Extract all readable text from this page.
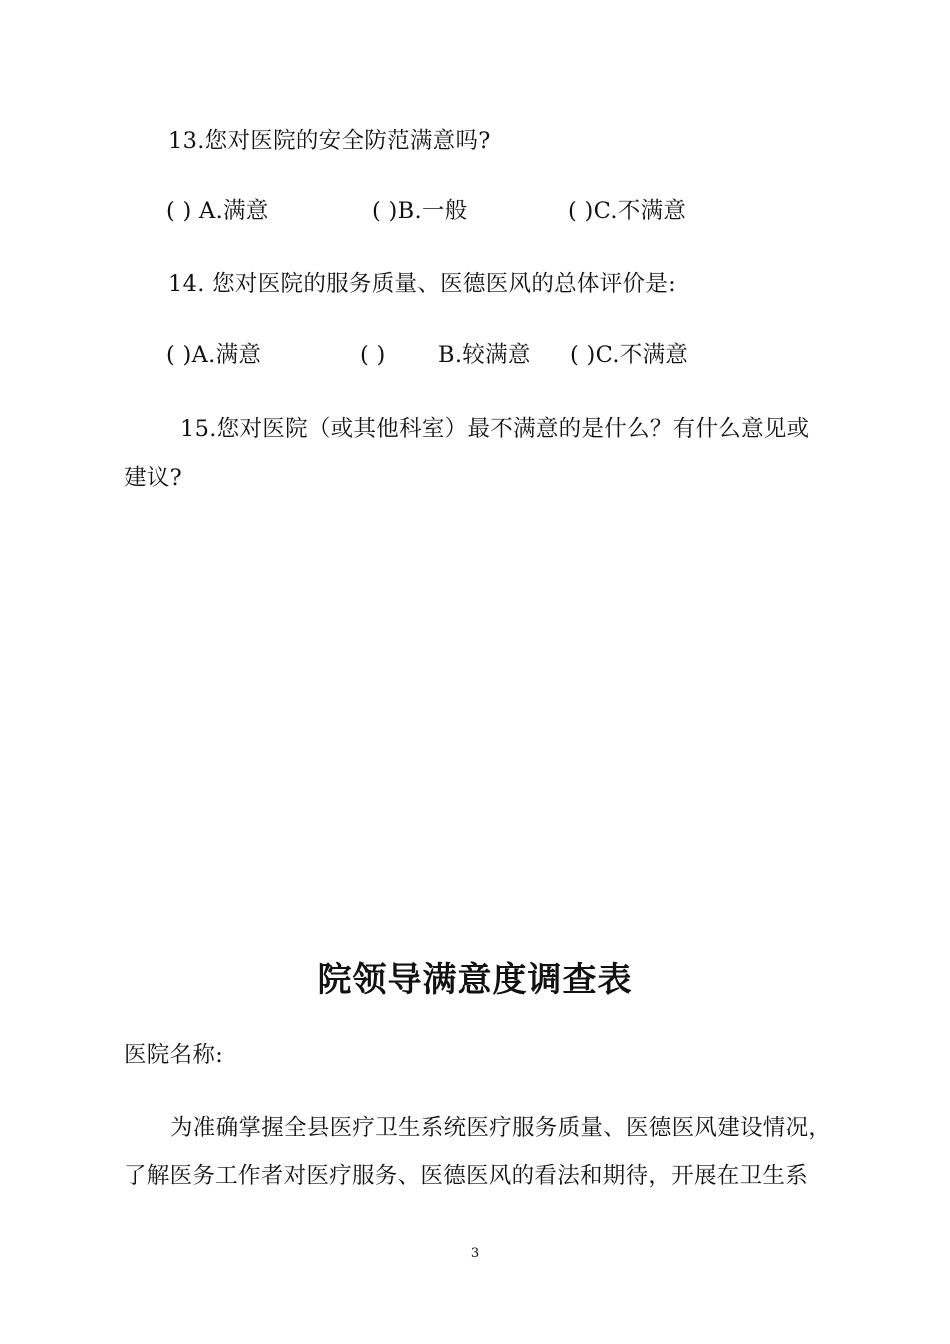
13.您对医院的安全防范满意吗?
( ) A.满意	( )B.一般	( )C.不满意
14. 您对医院的服务质量、医德医风的总体评价是:
( )A.满意	( ) B.较满意 ( )C.不满意
15.您对医院（或其他科室）最不满意的是什么？有什么意见或
建议?
院领导满意度调查表
医院名称:
为准确掌握全县医疗卫生系统医疗服务质量、医德医风建设情况，
了解医务工作者对医疗服务、医德医风的看法和期待，开展在卫生系
3
